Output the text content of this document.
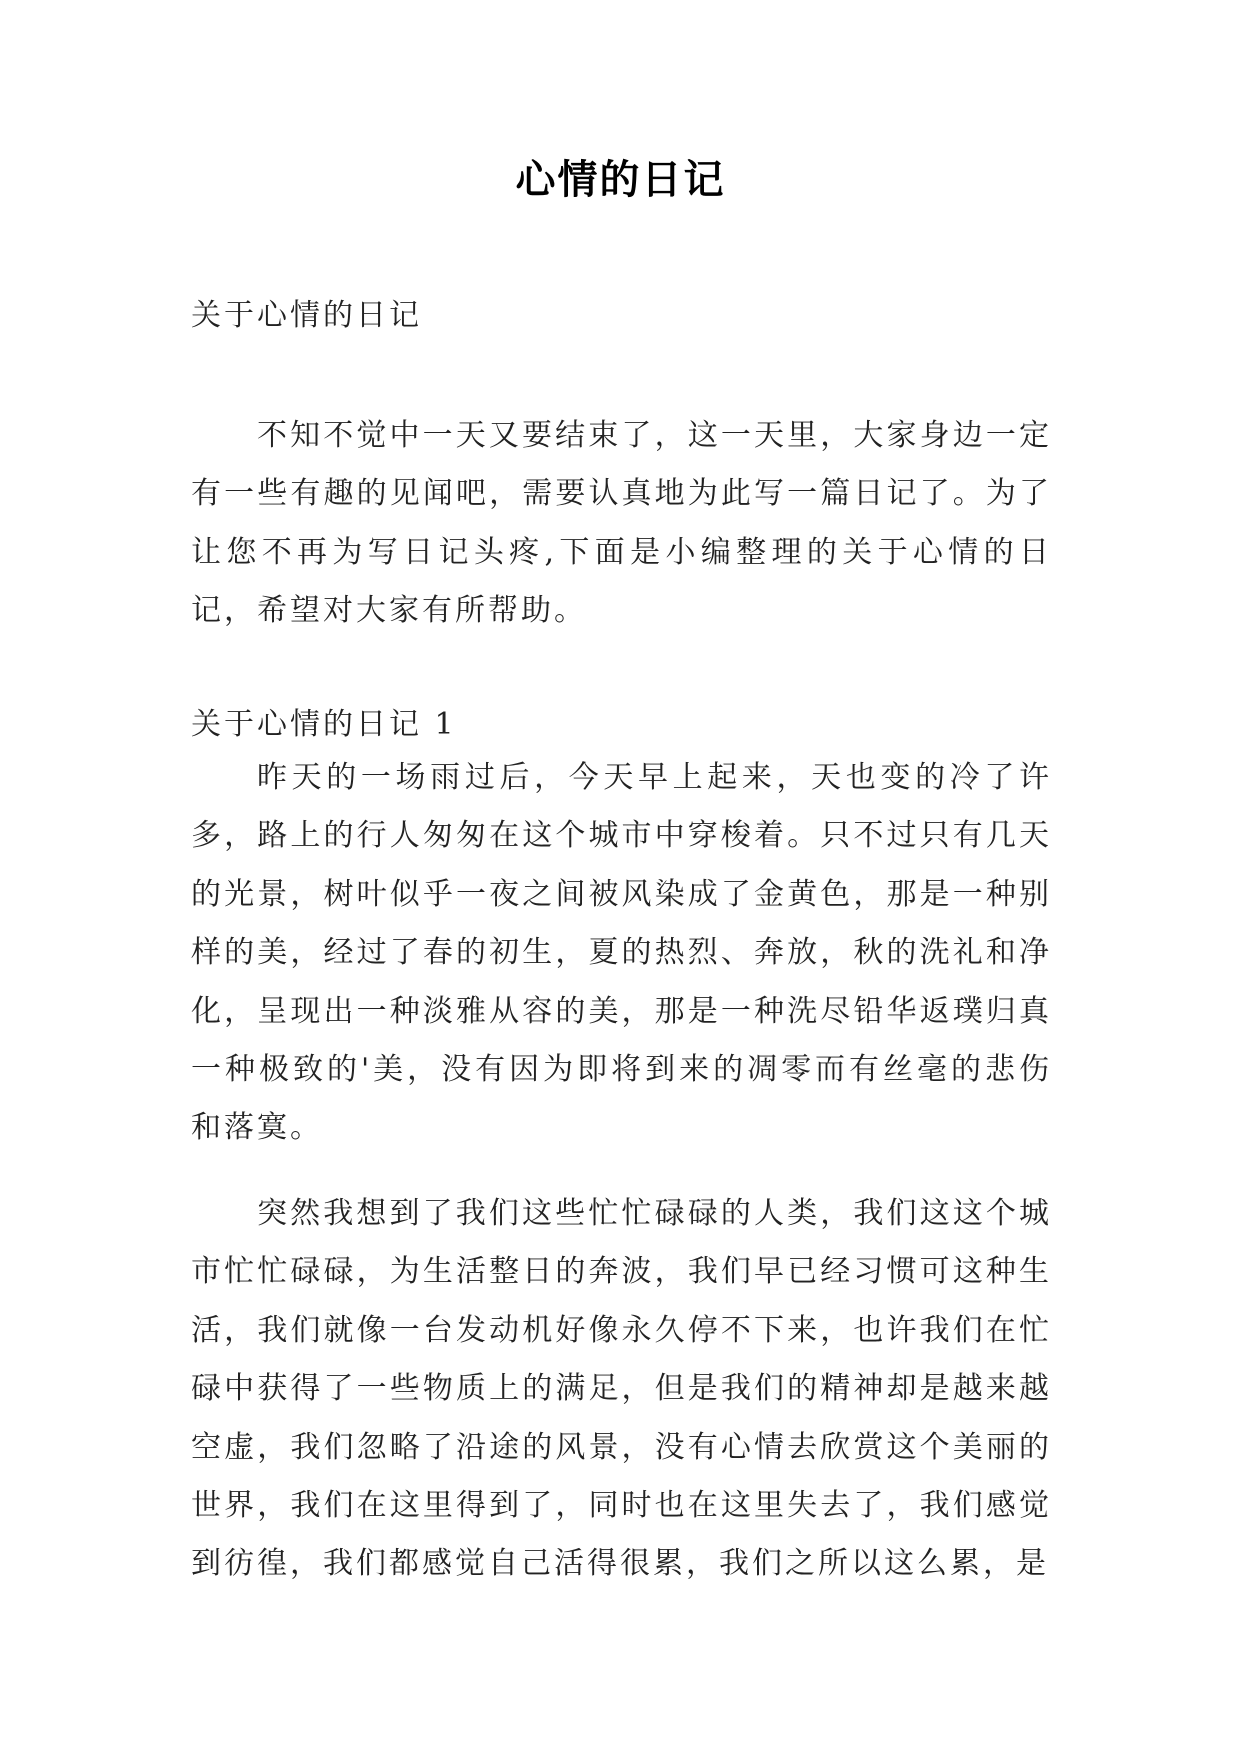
心情的日记
关于心情的日记

不知不觉中一天又要结束了，这一天里，大家身边一定有一些有趣的见闻吧，需要认真地为此写一篇日记了。为了让您不再为写日记头疼,下面是小编整理的关于心情的日记，希望对大家有所帮助。

关于心情的日记 1

昨天的一场雨过后，今天早上起来，天也变的冷了许多，路上的行人匆匆在这个城市中穿梭着。只不过只有几天的光景，树叶似乎一夜之间被风染成了金黄色，那是一种别样的美，经过了春的初生，夏的热烈、奔放，秋的洗礼和净化，呈现出一种淡雅从容的美，那是一种洗尽铅华返璞归真一种极致的'美，没有因为即将到来的凋零而有丝毫的悲伤和落寞。

突然我想到了我们这些忙忙碌碌的人类，我们这这个城市忙忙碌碌，为生活整日的奔波，我们早已经习惯可这种生活，我们就像一台发动机好像永久停不下来，也许我们在忙碌中获得了一些物质上的满足，但是我们的精神却是越来越空虚，我们忽略了沿途的风景，没有心情去欣赏这个美丽的世界，我们在这里得到了，同时也在这里失去了，我们感觉到彷徨，我们都感觉自己活得很累，我们之所以这么累，是
